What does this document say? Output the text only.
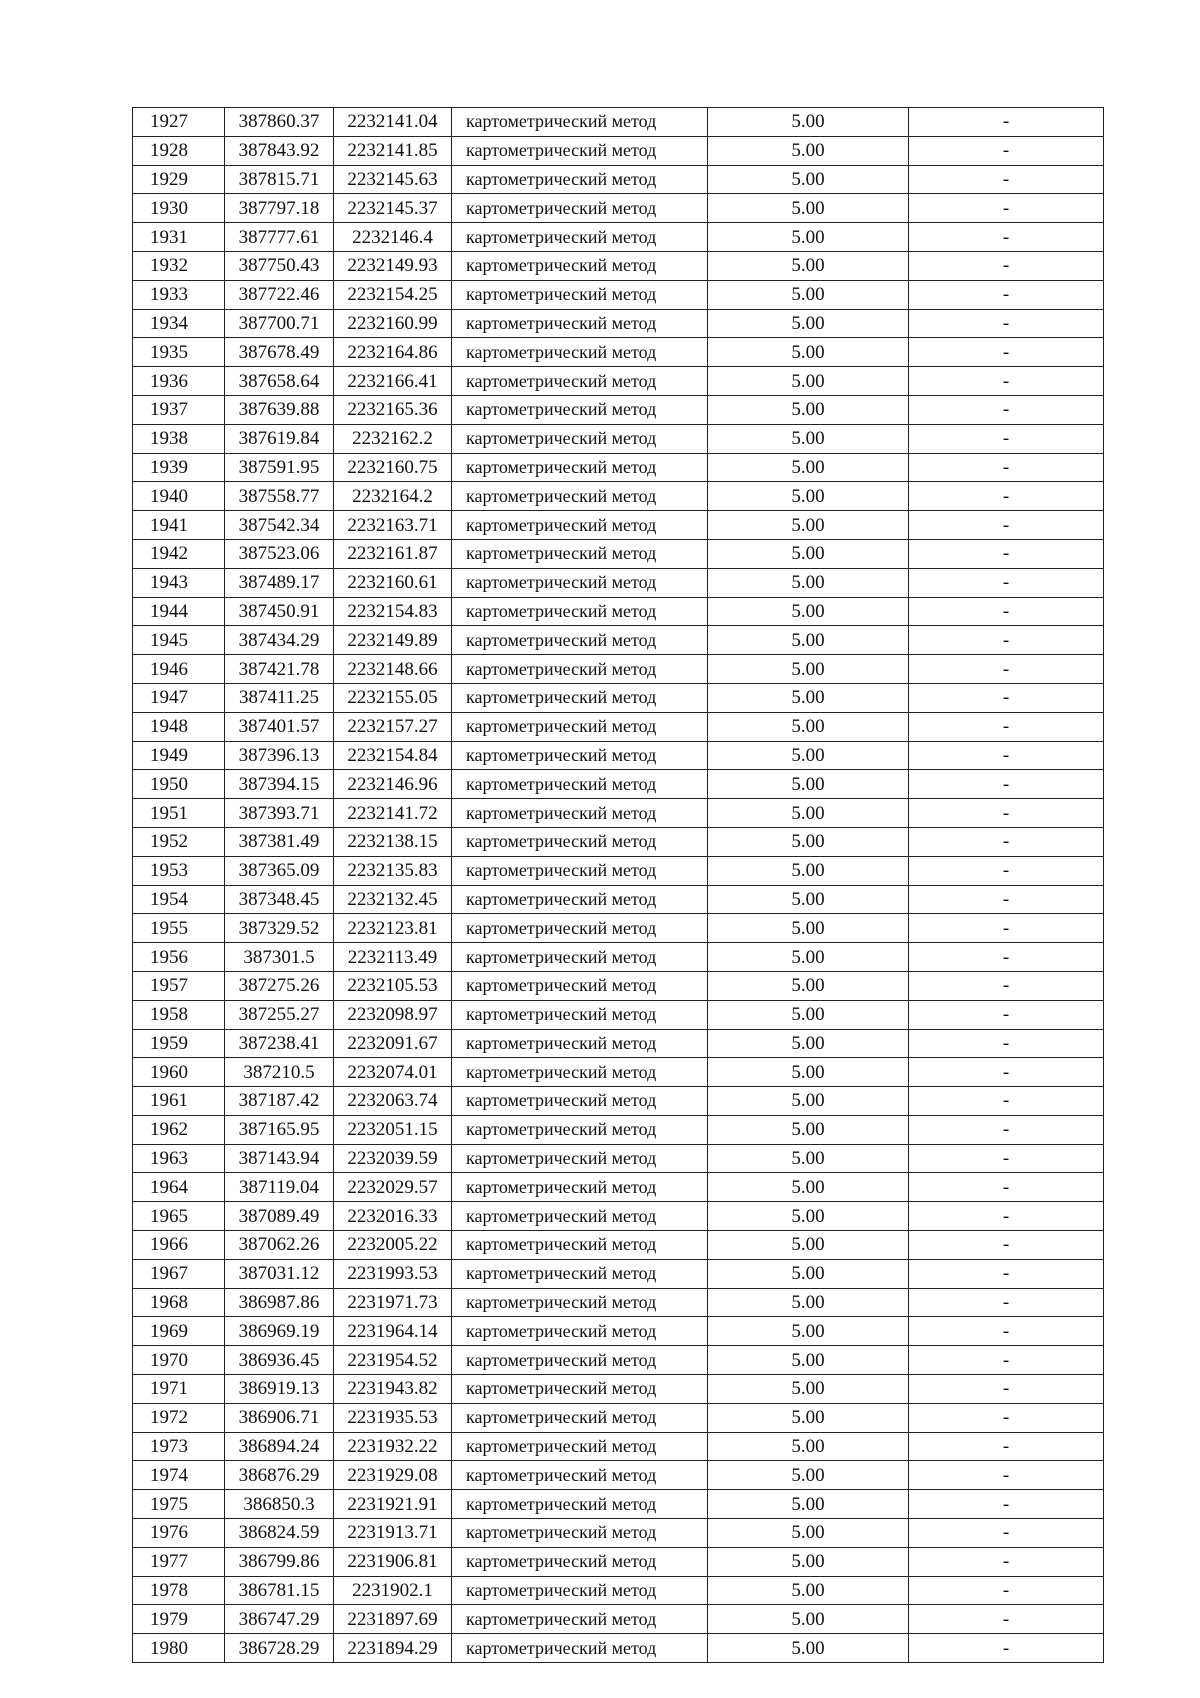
1927	387860.37	2232141.04	картометрический метод	5.00	-
1928	387843.92	2232141.85	картометрический метод	5.00	-
1929	387815.71	2232145.63	картометрический метод	5.00	-
1930	387797.18	2232145.37	картометрический метод	5.00	-
1931	387777.61	2232146.4	картометрический метод	5.00	-
1932	387750.43	2232149.93	картометрический метод	5.00	-
1933	387722.46	2232154.25	картометрический метод	5.00	-
1934	387700.71	2232160.99	картометрический метод	5.00	-
1935	387678.49	2232164.86	картометрический метод	5.00	-
1936	387658.64	2232166.41	картометрический метод	5.00	-
1937	387639.88	2232165.36	картометрический метод	5.00	-
1938	387619.84	2232162.2	картометрический метод	5.00	-
1939	387591.95	2232160.75	картометрический метод	5.00	-
1940	387558.77	2232164.2	картометрический метод	5.00	-
1941	387542.34	2232163.71	картометрический метод	5.00	-
1942	387523.06	2232161.87	картометрический метод	5.00	-
1943	387489.17	2232160.61	картометрический метод	5.00	-
1944	387450.91	2232154.83	картометрический метод	5.00	-
1945	387434.29	2232149.89	картометрический метод	5.00	-
1946	387421.78	2232148.66	картометрический метод	5.00	-
1947	387411.25	2232155.05	картометрический метод	5.00	-
1948	387401.57	2232157.27	картометрический метод	5.00	-
1949	387396.13	2232154.84	картометрический метод	5.00	-
1950	387394.15	2232146.96	картометрический метод	5.00	-
1951	387393.71	2232141.72	картометрический метод	5.00	-
1952	387381.49	2232138.15	картометрический метод	5.00	-
1953	387365.09	2232135.83	картометрический метод	5.00	-
1954	387348.45	2232132.45	картометрический метод	5.00	-
1955	387329.52	2232123.81	картометрический метод	5.00	-
1956	387301.5	2232113.49	картометрический метод	5.00	-
1957	387275.26	2232105.53	картометрический метод	5.00	-
1958	387255.27	2232098.97	картометрический метод	5.00	-
1959	387238.41	2232091.67	картометрический метод	5.00	-
1960	387210.5	2232074.01	картометрический метод	5.00	-
1961	387187.42	2232063.74	картометрический метод	5.00	-
1962	387165.95	2232051.15	картометрический метод	5.00	-
1963	387143.94	2232039.59	картометрический метод	5.00	-
1964	387119.04	2232029.57	картометрический метод	5.00	-
1965	387089.49	2232016.33	картометрический метод	5.00	-
1966	387062.26	2232005.22	картометрический метод	5.00	-
1967	387031.12	2231993.53	картометрический метод	5.00	-
1968	386987.86	2231971.73	картометрический метод	5.00	-
1969	386969.19	2231964.14	картометрический метод	5.00	-
1970	386936.45	2231954.52	картометрический метод	5.00	-
1971	386919.13	2231943.82	картометрический метод	5.00	-
1972	386906.71	2231935.53	картометрический метод	5.00	-
1973	386894.24	2231932.22	картометрический метод	5.00	-
1974	386876.29	2231929.08	картометрический метод	5.00	-
1975	386850.3	2231921.91	картометрический метод	5.00	-
1976	386824.59	2231913.71	картометрический метод	5.00	-
1977	386799.86	2231906.81	картометрический метод	5.00	-
1978	386781.15	2231902.1	картометрический метод	5.00	-
1979	386747.29	2231897.69	картометрический метод	5.00	-
1980	386728.29	2231894.29	картометрический метод	5.00	-
